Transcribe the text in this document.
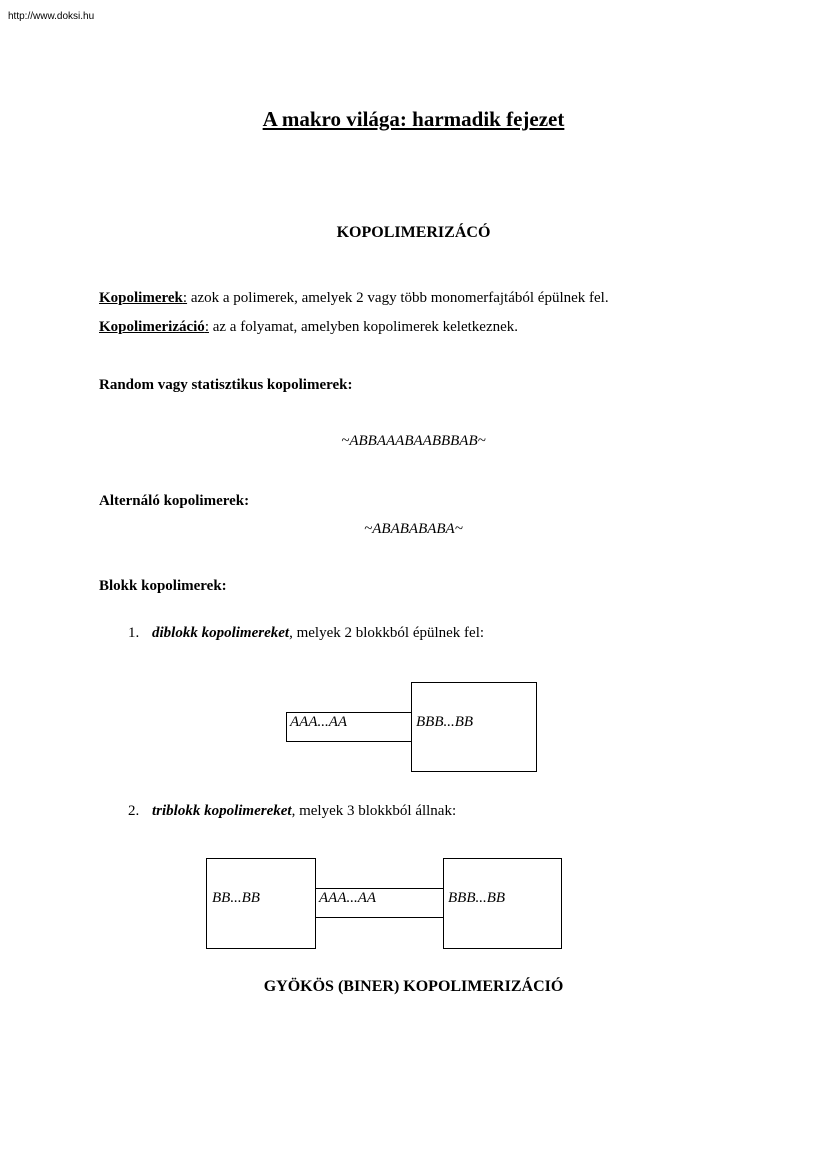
http://www.doksi.hu
A makro világa: harmadik fejezet
KOPOLIMERIZÁCÓ
Kopolimerek: azok a polimerek, amelyek 2 vagy több monomerfajtából épülnek fel.
Kopolimerizáció: az a folyamat, amelyben kopolimerek keletkeznek.
Random vagy statisztikus kopolimerek:
~ABBAAABAABBBAB~
Alternáló kopolimerek:
~ABABABABA~
Blokk kopolimerek:
1. diblokk kopolimereket, melyek 2 blokkból épülnek fel:
AAA...AA	BBB...BB
2. triblokk kopolimereket, melyek 3 blokkból állnak:
BB...BB	AAA...AA	BBB...BB
GYÖKÖS (BINER) KOPOLIMERIZÁCIÓ
